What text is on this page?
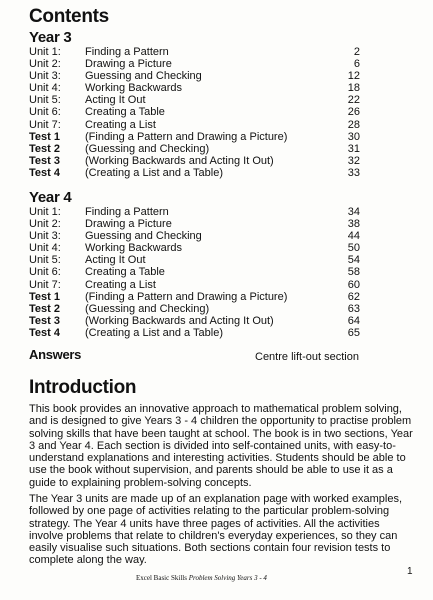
Contents
Year 3
Unit 1: Finding a Pattern	2
Unit 2: Drawing a Picture	6
Unit 3: Guessing and Checking	12
Unit 4: Working Backwards	18
Unit 5: Acting It Out	22
Unit 6: Creating a Table	26
Unit 7: Creating a List	28
Test 1 (Finding a Pattern and Drawing a Picture)	30
Test 2 (Guessing and Checking)	31
Test 3 (Working Backwards and Acting It Out)	32
Test 4 (Creating a List and a Table)	33
Year 4
Unit 1: Finding a Pattern	34
Unit 2: Drawing a Picture	38
Unit 3: Guessing and Checking	44
Unit 4: Working Backwards	50
Unit 5: Acting It Out	54
Unit 6: Creating a Table	58
Unit 7: Creating a List	60
Test 1 (Finding a Pattern and Drawing a Picture)	62
Test 2 (Guessing and Checking)	63
Test 3 (Working Backwards and Acting It Out)	64
Test 4 (Creating a List and a Table)	65
Answers	Centre lift-out section
Introduction

This book provides an innovative approach to mathematical problem solving, and is designed to give Years 3 - 4 children the opportunity to practise problem solving skills that have been taught at school. The book is in two sections, Year 3 and Year 4. Each section is divided into self-contained units, with easy-to-understand explanations and interesting activities. Students should be able to use the book without supervision, and parents should be able to use it as a guide to explaining problem-solving concepts.

The Year 3 units are made up of an explanation page with worked examples, followed by one page of activities relating to the particular problem-solving strategy. The Year 4 units have three pages of activities. All the activities involve problems that relate to children's everyday experiences, so they can easily visualise such situations. Both sections contain four revision tests to complete along the way.

Excel Basic Skills Problem Solving Years 3 - 4
1
